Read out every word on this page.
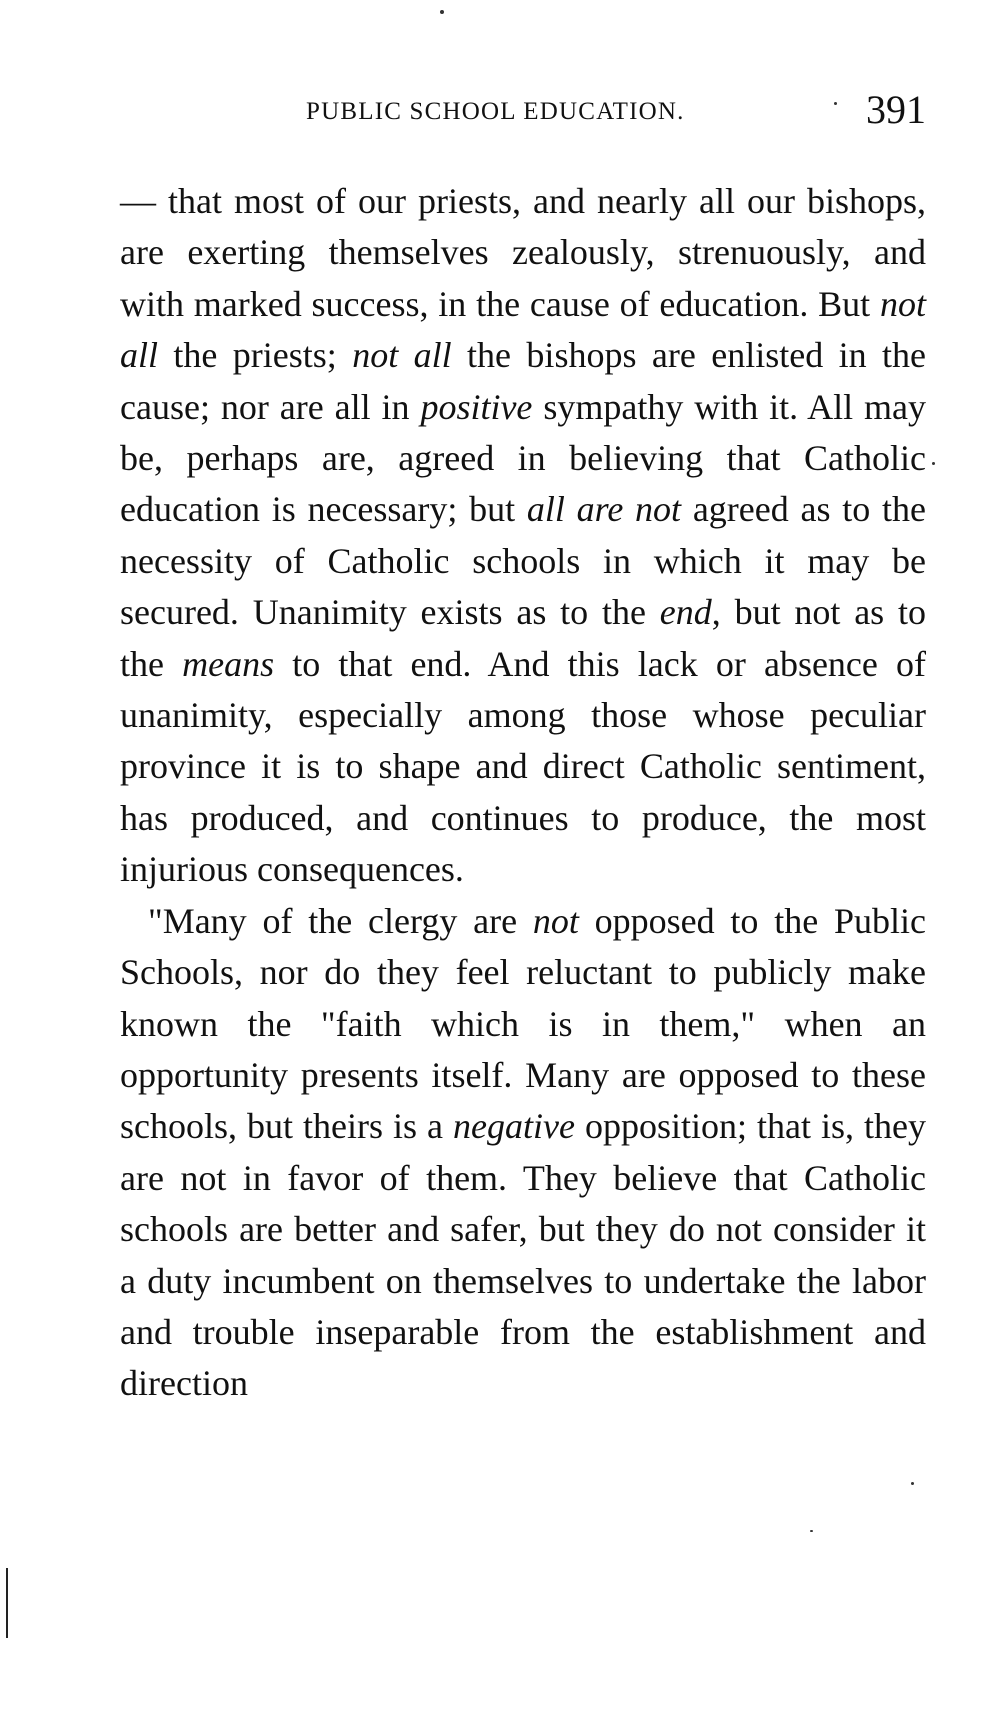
PUBLIC SCHOOL EDUCATION.	391

— that most of our priests, and nearly all our bishops, are exerting themselves zealously, strenuously, and with marked success, in the cause of education. But not all the priests; not all the bishops are enlisted in the cause; nor are all in positive sympathy with it. All may be, perhaps are, agreed in believing that Catholic education is necessary; but all are not agreed as to the necessity of Catholic schools in which it may be secured. Unanimity exists as to the end, but not as to the means to that end. And this lack or absence of unanimity, especially among those whose peculiar province it is to shape and direct Catholic sentiment, has produced, and continues to produce, the most injurious consequences.

"Many of the clergy are not opposed to the Public Schools, nor do they feel reluctant to publicly make known the "faith which is in them," when an opportunity presents itself. Many are opposed to these schools, but theirs is a negative opposition; that is, they are not in favor of them. They believe that Catholic schools are better and safer, but they do not consider it a duty incumbent on themselves to undertake the labor and trouble inseparable from the establishment and direction
